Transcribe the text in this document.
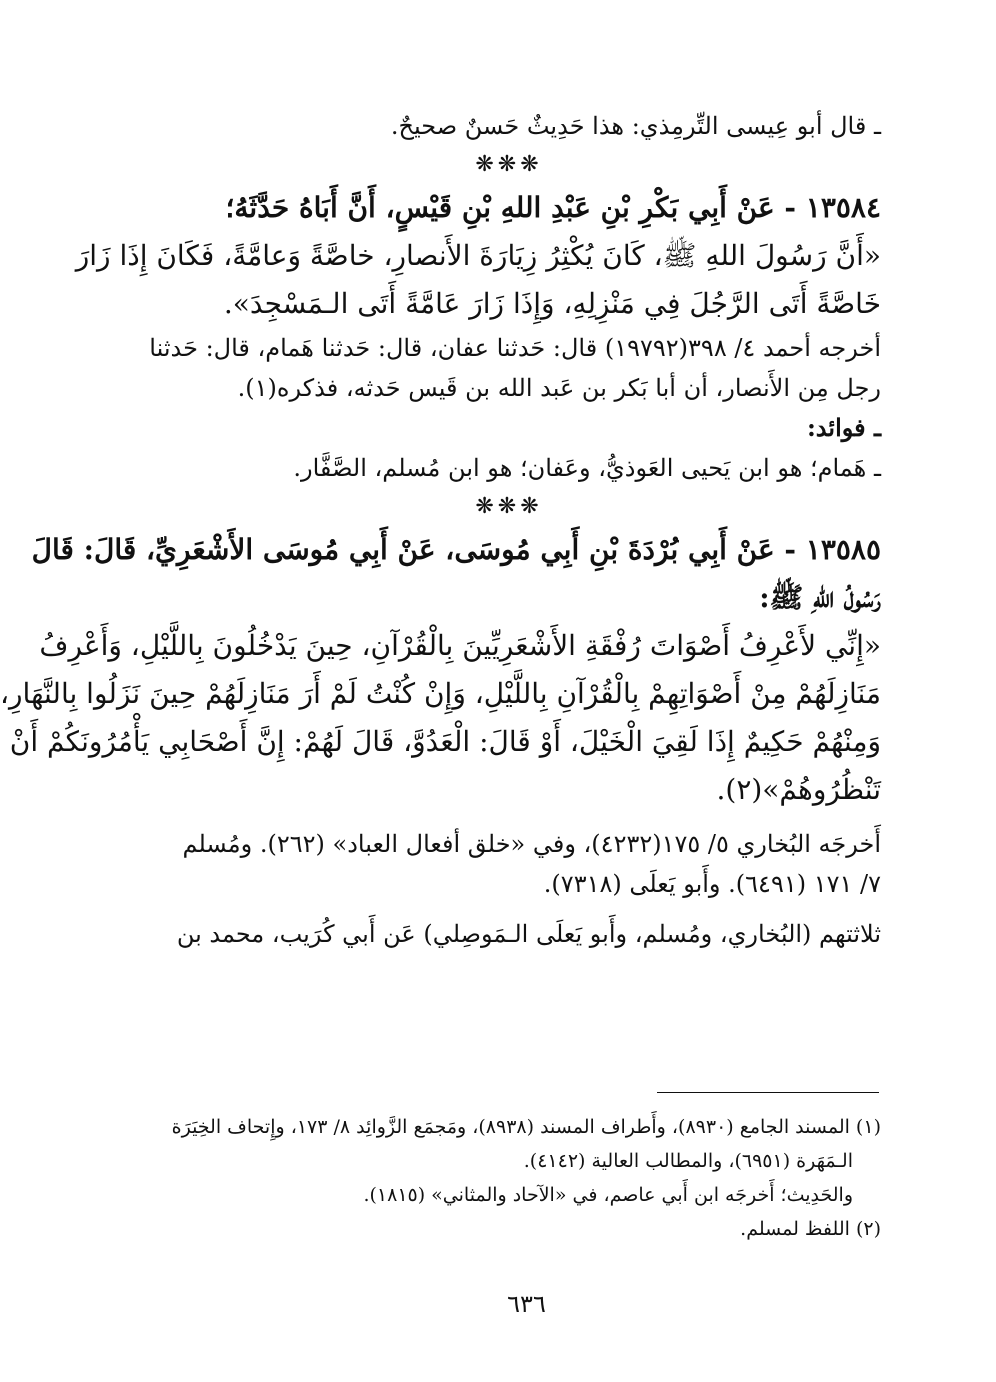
ـ قال أبو عِيسى التِّرمِذي: هذا حَدِيثٌ حَسنٌ صحيحٌ.

❋❋❋

١٣٥٨٤ - عَنْ أَبِي بَكْرِ بْنِ عَبْدِ اللهِ بْنِ قَيْسٍ، أَنَّ أَبَاهُ حَدَّثَهُ؛

«أَنَّ رَسُولَ اللهِ ﷺ، كَانَ يُكْثِرُ زِيَارَةَ الأَنصارِ، خاصَّةً وَعامَّةً، فَكَانَ إِذَا زَارَ

خَاصَّةً أَتَى الرَّجُلَ فِي مَنْزِلِهِ، وَإِذَا زَارَ عَامَّةً أَتَى الـمَسْجِدَ».

أخرجه أحمد ٤/ ٣٩٨(١٩٧٩٢) قال: حَدثنا عفان، قال: حَدثنا هَمام، قال: حَدثنا

رجل مِن الأَنصار، أن أبا بَكر بن عَبد الله بن قَيس حَدثه، فذكره(١).

ـ فوائد:

ـ هَمام؛ هو ابن يَحيى العَوذيُّ، وعَفان؛ هو ابن مُسلم، الصَّفَّار.

❋❋❋

١٣٥٨٥ - عَنْ أَبِي بُرْدَةَ بْنِ أَبِي مُوسَى، عَنْ أَبِي مُوسَى الأَشْعَرِيِّ، قَالَ: قَالَ

رَسُولُ اللهِ ﷺ:

«إِنِّي لأَعْرِفُ أَصْوَاتَ رُفْقَةِ الأَشْعَرِيِّينَ بِالْقُرْآنِ، حِينَ يَدْخُلُونَ بِاللَّيْلِ، وَأَعْرِفُ

مَنَازِلَهُمْ مِنْ أَصْوَاتِهِمْ بِالْقُرْآنِ بِاللَّيْلِ، وَإِنْ كُنْتُ لَمْ أَرَ مَنَازِلَهُمْ حِينَ نَزَلُوا بِالنَّهَارِ،

وَمِنْهُمْ حَكِيمٌ إِذَا لَقِيَ الْخَيْلَ، أَوْ قَالَ: الْعَدُوَّ، قَالَ لَهُمْ: إِنَّ أَصْحَابِي يَأْمُرُونَكُمْ أَنْ

تَنْظُرُوهُمْ»(٢).

أَخرجَه البُخاري ٥/ ١٧٥(٤٢٣٢)، وفي «خلق أفعال العباد» (٢٦٢). ومُسلم

٧/ ١٧١ (٦٤٩١). وأَبو يَعلَى (٧٣١٨).

ثلاثتهم (البُخاري، ومُسلم، وأَبو يَعلَى الـمَوصِلي) عَن أَبي كُرَيب، محمد بن

(١) المسند الجامع (٨٩٣٠)، وأَطراف المسند (٨٩٣٨)، ومَجمَع الزَّوائِد ٨/ ١٧٣، وإِتحاف الخِيَرَة

الـمَهَرة (٦٩٥١)، والمطالب العالية (٤١٤٢).

والحَدِيث؛ أَخرجَه ابن أَبي عاصم، في «الآحاد والمثاني» (١٨١٥).

(٢) اللفظ لمسلم.

٦٣٦
